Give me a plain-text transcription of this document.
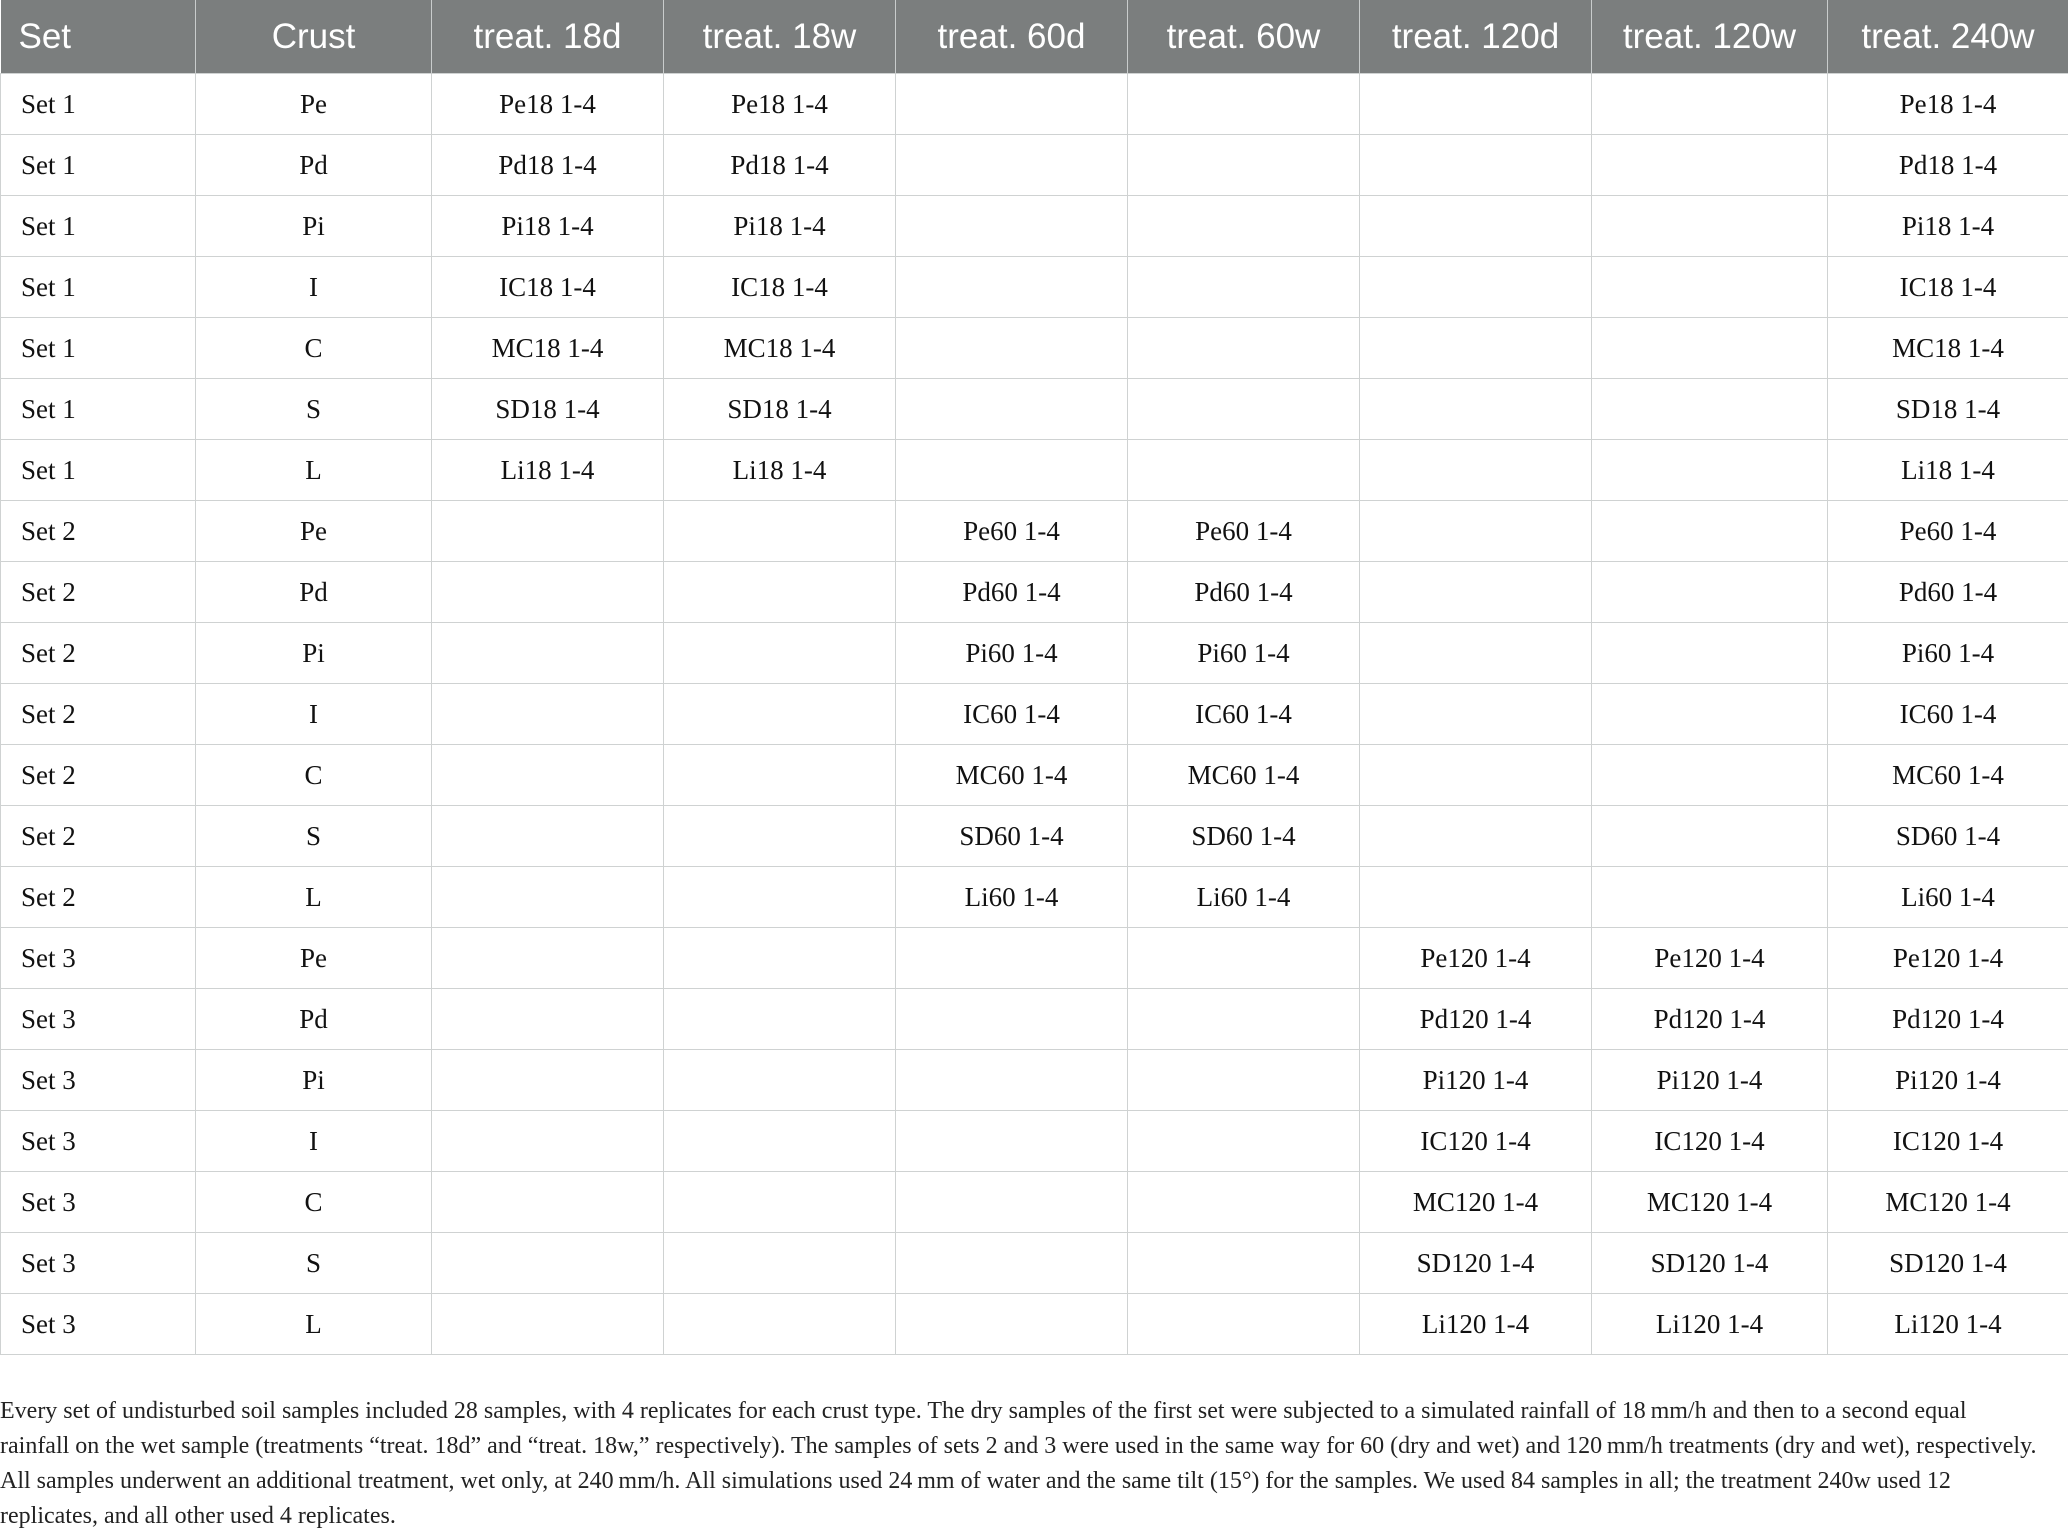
Set	Crust	treat. 18d	treat. 18w	treat. 60d	treat. 60w	treat. 120d	treat. 120w	treat. 240w
Set 1	Pe	Pe18 1-4	Pe18 1-4					Pe18 1-4
Set 1	Pd	Pd18 1-4	Pd18 1-4					Pd18 1-4
Set 1	Pi	Pi18 1-4	Pi18 1-4					Pi18 1-4
Set 1	I	IC18 1-4	IC18 1-4					IC18 1-4
Set 1	C	MC18 1-4	MC18 1-4					MC18 1-4
Set 1	S	SD18 1-4	SD18 1-4					SD18 1-4
Set 1	L	Li18 1-4	Li18 1-4					Li18 1-4
Set 2	Pe			Pe60 1-4	Pe60 1-4			Pe60 1-4
Set 2	Pd			Pd60 1-4	Pd60 1-4			Pd60 1-4
Set 2	Pi			Pi60 1-4	Pi60 1-4			Pi60 1-4
Set 2	I			IC60 1-4	IC60 1-4			IC60 1-4
Set 2	C			MC60 1-4	MC60 1-4			MC60 1-4
Set 2	S			SD60 1-4	SD60 1-4			SD60 1-4
Set 2	L			Li60 1-4	Li60 1-4			Li60 1-4
Set 3	Pe					Pe120 1-4	Pe120 1-4	Pe120 1-4
Set 3	Pd					Pd120 1-4	Pd120 1-4	Pd120 1-4
Set 3	Pi					Pi120 1-4	Pi120 1-4	Pi120 1-4
Set 3	I					IC120 1-4	IC120 1-4	IC120 1-4
Set 3	C					MC120 1-4	MC120 1-4	MC120 1-4
Set 3	S					SD120 1-4	SD120 1-4	SD120 1-4
Set 3	L					Li120 1-4	Li120 1-4	Li120 1-4

Every set of undisturbed soil samples included 28 samples, with 4 replicates for each crust type. The dry samples of the first set were subjected to a simulated rainfall of 18 mm/h and then to a second equal rainfall on the wet sample (treatments “treat. 18d” and “treat. 18w,” respectively). The samples of sets 2 and 3 were used in the same way for 60 (dry and wet) and 120 mm/h treatments (dry and wet), respectively. All samples underwent an additional treatment, wet only, at 240 mm/h. All simulations used 24 mm of water and the same tilt (15°) for the samples. We used 84 samples in all; the treatment 240w used 12 replicates, and all other used 4 replicates.
